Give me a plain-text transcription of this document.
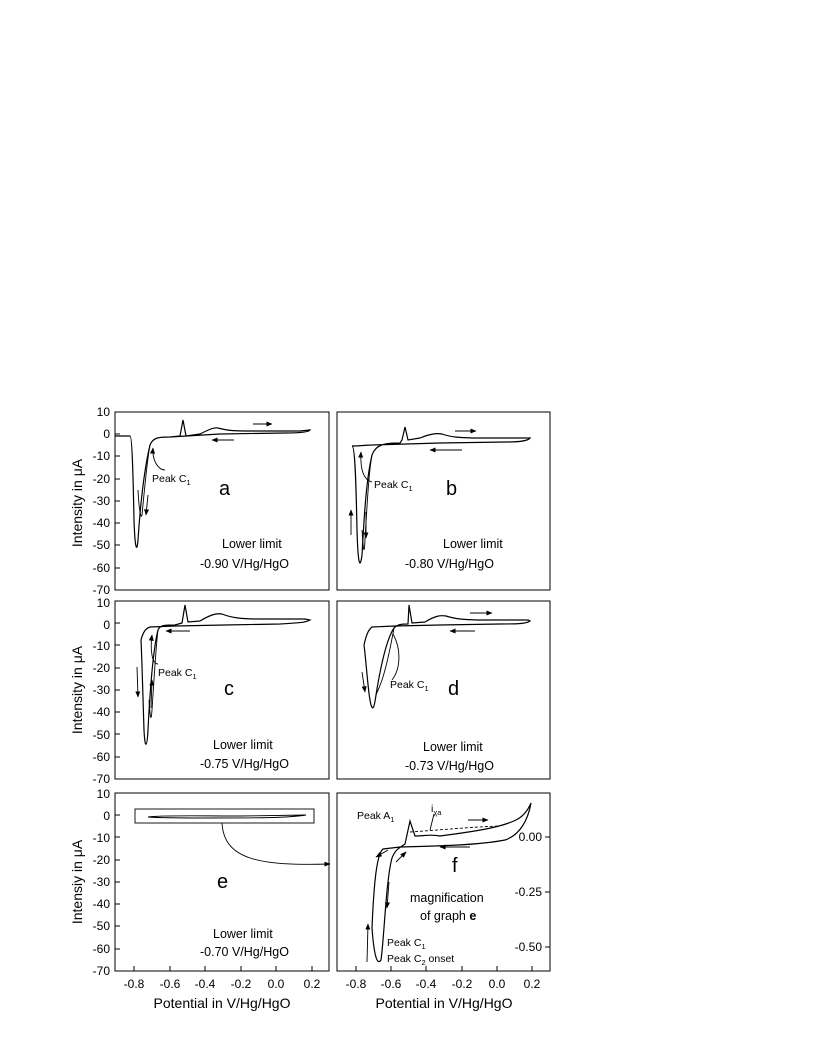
Peak $C_1$ a
Lower limit
-0.90 V/Hg/HgO
10
0
-10
-20
-30
-40
-50
-60
-70
Intensity in μA	Peak $C_1$ b
Lower limit
-0.80 V/Hg/HgO
Peak $C_1$
c
Lower limit
-0.75 V/Hg/HgO
10
0
-10
-20
-30
-40
-50
-60
-70
Intensity in μA	Peak $C_1$ d
Lower limit
-0.73 V/Hg/HgO
e
Lower limit
-0.70 V/Hg/HgO
10
0
-10
-20
-30
-40
-50
-60
-70
Intensiy in μA
Peak $A_1$
$i_{\chi a}$
f
magnification
of graph e
Peak $C_1$
Peak $C_2$ onset
0.00
-0.25
-0.50
-0.8 -0.6 -0.4 -0.2 0.0 0.2
Potential in V/Hg/HgO
-0.8 -0.6 -0.4 -0.2 0.0 0.2
Potential in V/Hg/HgO
